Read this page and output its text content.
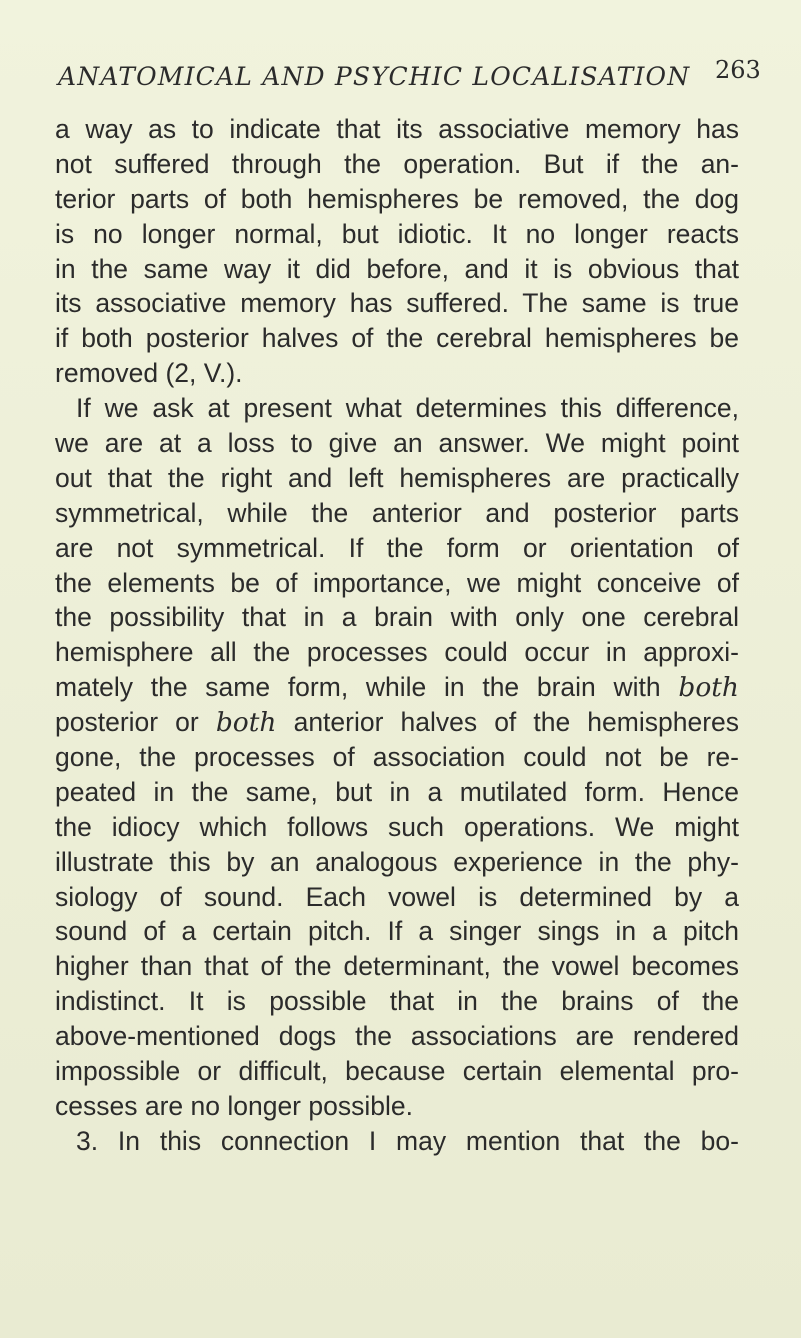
ANATOMICAL AND PSYCHIC LOCALISATION 263
a way as to indicate that its associative memory has
not suffered through the operation. But if the an-
terior parts of both hemispheres be removed, the dog
is no longer normal, but idiotic. It no longer reacts
in the same way it did before, and it is obvious that
its associative memory has suffered. The same is true
if both posterior halves of the cerebral hemispheres be
removed (2, V.).
If we ask at present what determines this difference,
we are at a loss to give an answer. We might point
out that the right and left hemispheres are practically
symmetrical, while the anterior and posterior parts
are not symmetrical. If the form or orientation of
the elements be of importance, we might conceive of
the possibility that in a brain with only one cerebral
hemisphere all the processes could occur in approxi-
mately the same form, while in the brain with both
posterior or both anterior halves of the hemispheres
gone, the processes of association could not be re-
peated in the same, but in a mutilated form. Hence
the idiocy which follows such operations. We might
illustrate this by an analogous experience in the phy-
siology of sound. Each vowel is determined by a
sound of a certain pitch. If a singer sings in a pitch
higher than that of the determinant, the vowel becomes
indistinct. It is possible that in the brains of the
above-mentioned dogs the associations are rendered
impossible or difficult, because certain elemental pro-
cesses are no longer possible.
3. In this connection I may mention that the bo-
